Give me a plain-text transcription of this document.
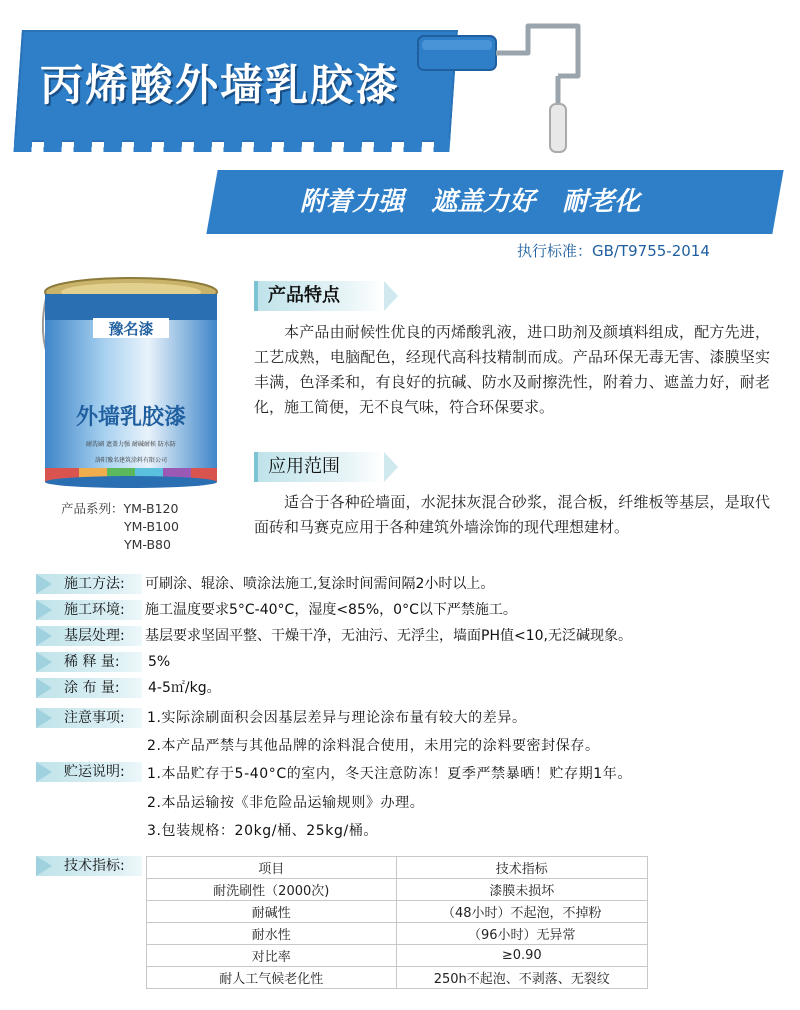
丙烯酸外墙乳胶漆
附着力强   遮盖力好   耐老化
执行标准：GB/T9755-2014
豫名漆
外墙乳胶漆
耐洗刷 遮盖力强 耐碱耐候 防水防
洛阳豫名建筑涂料有限公司
产品系列：YM-B120
YM-B100
YM-B80
产品特点
本产品由耐候性优良的丙烯酸乳液，进口助剂及颜填料组成，配方先进，工艺成熟，电脑配色，经现代高科技精制而成。产品环保无毒无害、漆膜坚实丰满，色泽柔和，有良好的抗碱、防水及耐擦洗性，附着力、遮盖力好，耐老化，施工简便，无不良气味，符合环保要求。
应用范围
适合于各种砼墙面，水泥抹灰混合砂浆，混合板，纤维板等基层，是取代面砖和马赛克应用于各种建筑外墙涂饰的现代理想建材。
施工方法:	可刷涂、辊涂、喷涂法施工,复涂时间需间隔2小时以上。
施工环境:	施工温度要求5°C-40°C，湿度<85%，0°C以下严禁施工。
基层处理:	基层要求坚固平整、干燥干净，无油污、无浮尘，墙面PH值<10,无泛碱现象。
稀 释 量:	5%
涂 布 量:	4-5㎡/kg。
注意事项:	1.实际涂刷面积会因基层差异与理论涂布量有较大的差异。
2.本产品严禁与其他品牌的涂料混合使用，未用完的涂料要密封保存。
贮运说明:	1.本品贮存于5-40°C的室内，冬天注意防冻！夏季严禁暴晒！贮存期1年。
2.本品运输按《非危险品运输规则》办理。
3.包装规格：20kg/桶、25kg/桶。
技术指标:	项目	技术指标
耐洗刷性（2000次)	漆膜未损坏
耐碱性	（48小时）不起泡，不掉粉
耐水性	（96小时）无异常
对比率	≥0.90
耐人工气候老化性	250h不起泡、不剥落、无裂纹
